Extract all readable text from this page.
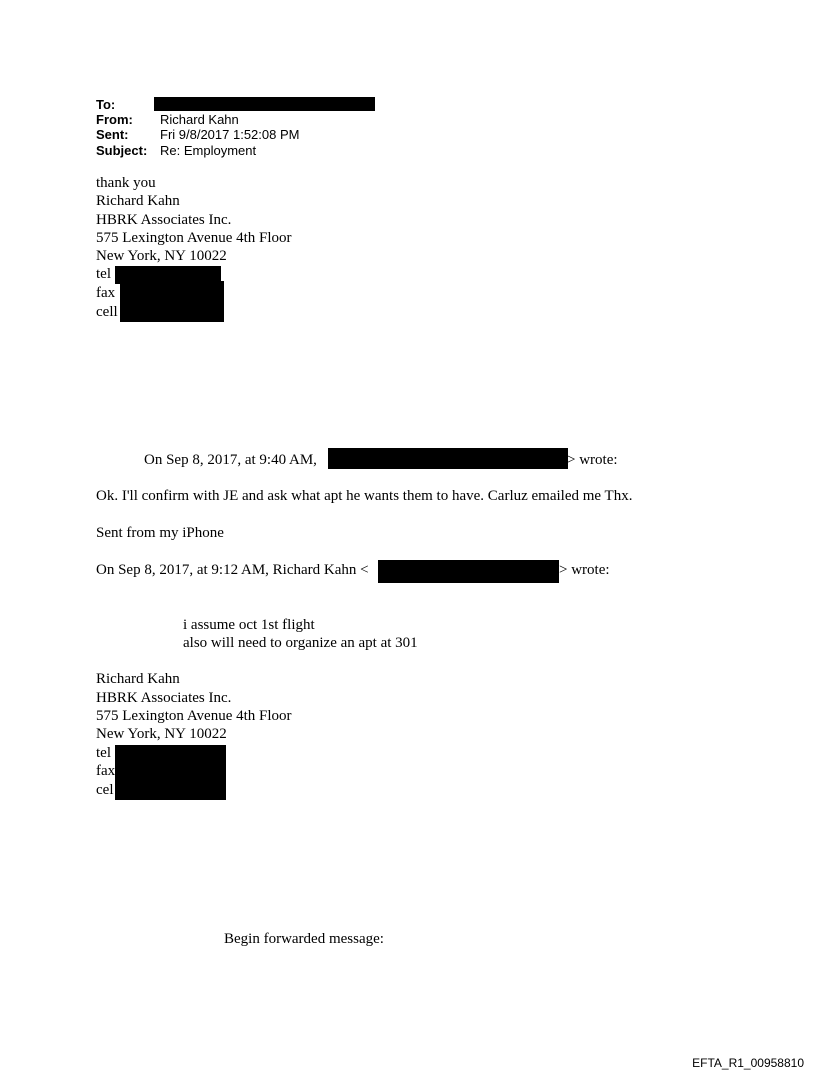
To:
From: Richard Kahn
Sent: Fri 9/8/2017 1:52:08 PM
Subject: Re: Employment
thank you
Richard Kahn
HBRK Associates Inc.
575 Lexington Avenue 4th Floor
New York, NY 10022
tel
fax
cell
On Sep 8, 2017, at 9:40 AM,	> wrote:
Ok. I'll confirm with JE and ask what apt he wants them to have. Carluz emailed me Thx.
Sent from my iPhone
On Sep 8, 2017, at 9:12 AM, Richard Kahn <	> wrote:
i assume oct 1st flight
also will need to organize an apt at 301
Richard Kahn
HBRK Associates Inc.
575 Lexington Avenue 4th Floor
New York, NY 10022
tel
fax
cel
Begin forwarded message:
EFTA_R1_00958810
